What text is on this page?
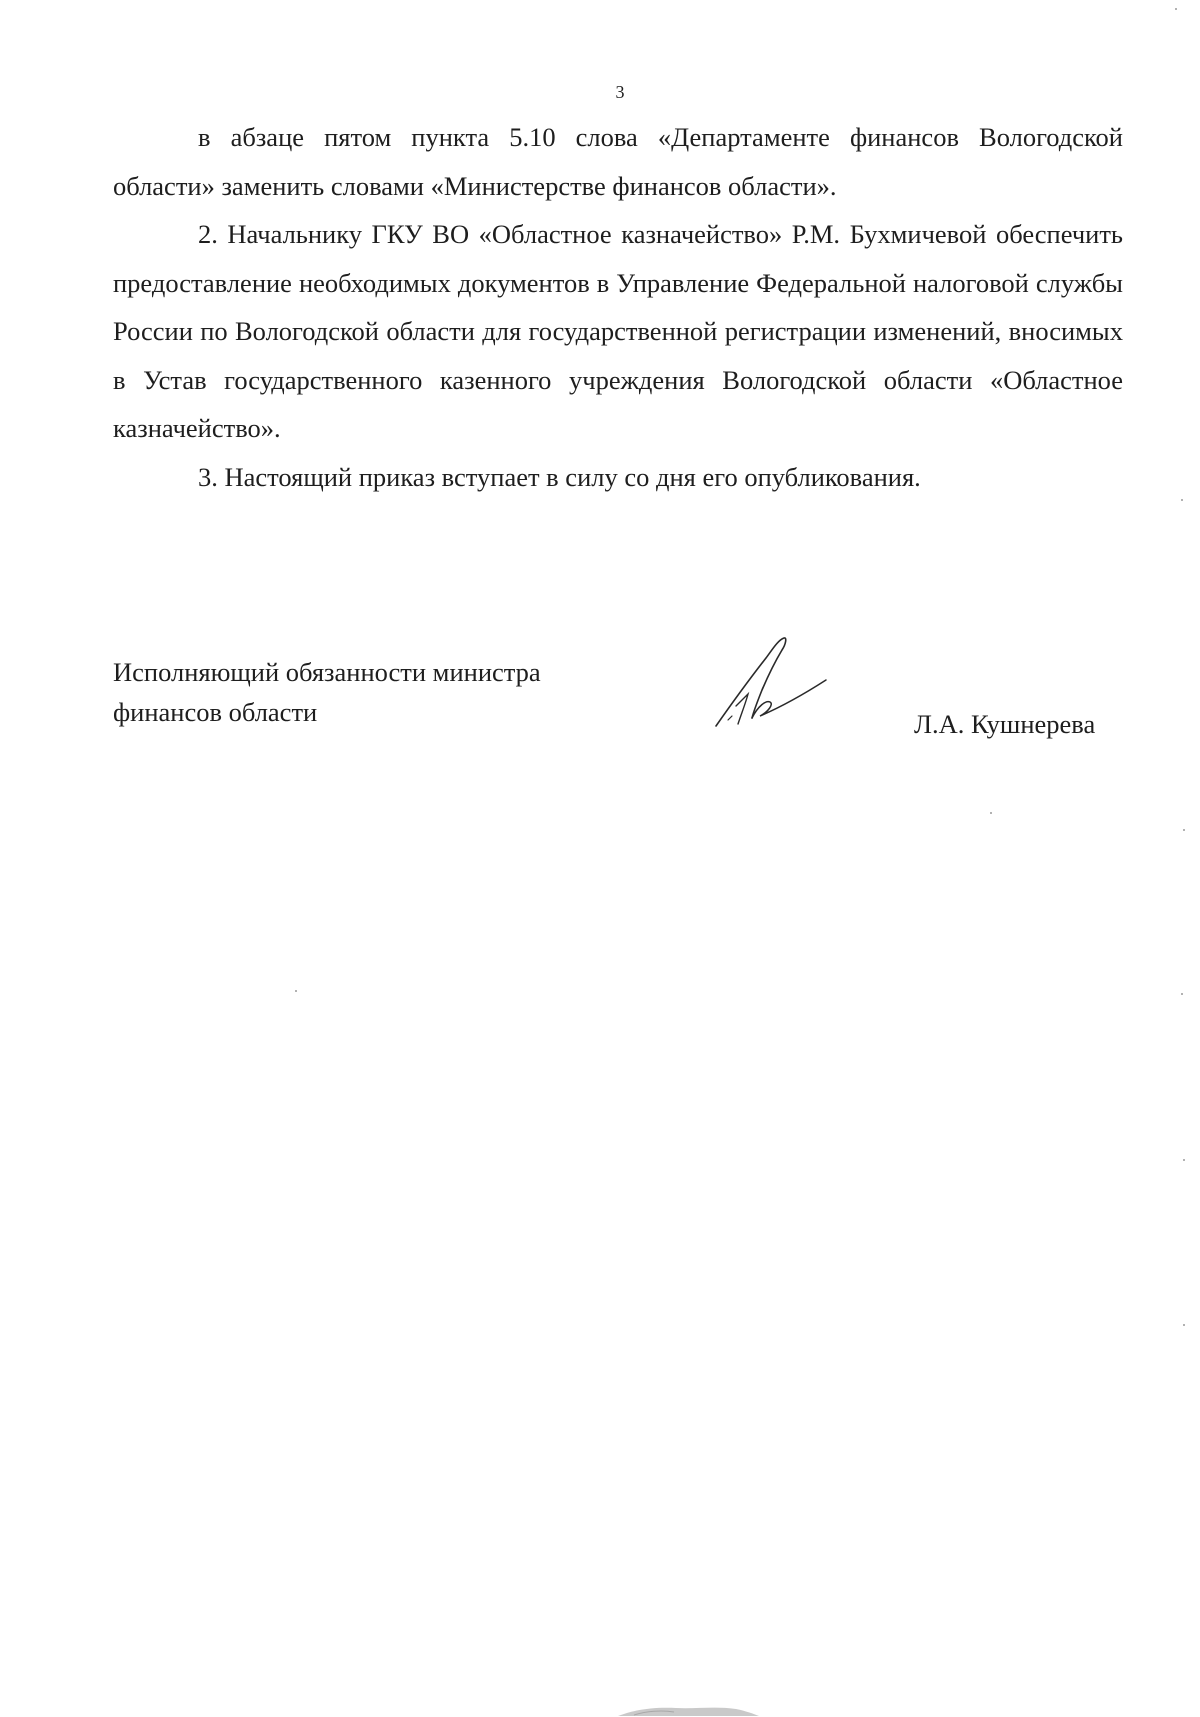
3

в абзаце пятом пункта 5.10 слова «Департаменте финансов Вологодской области» заменить словами «Министерстве финансов области».

2. Начальнику ГКУ ВО «Областное казначейство» Р.М. Бухмичевой обеспечить предоставление необходимых документов в Управление Федеральной налоговой службы России по Вологодской области для государственной регистрации изменений, вносимых в Устав государственного казенного учреждения Вологодской области «Областное казначейство».

3. Настоящий приказ вступает в силу со дня его опубликования.

Исполняющий обязанности министра
финансов области	Л.А. Кушнерева
